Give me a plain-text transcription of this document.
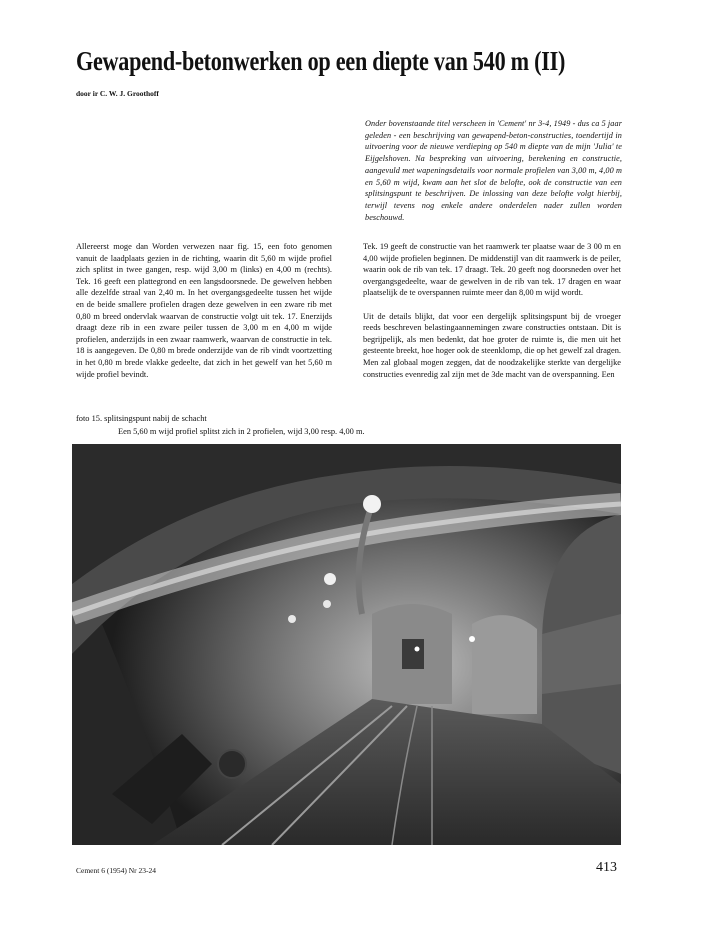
Gewapend-betonwerken op een diepte van 540 m (II)
door ir C. W. J. Groothoff
Onder bovenstaande titel verscheen in 'Cement' nr 3-4, 1949 - dus ca 5 jaar geleden - een beschrijving van gewapend-beton-constructies, toendertijd in uitvoering voor de nieuwe verdieping op 540 m diepte van de mijn 'Julia' te Eijgelshoven. Na bespreking van uitvoering, berekening en constructie, aangevuld met wapeningsdetails voor normale profielen van 3,00 m, 4,00 m en 5,60 m wijd, kwam aan het slot de belofte, ook de constructie van een splitsingspunt te beschrijven. De inlossing van deze belofte volgt hierbij, terwijl tevens nog enkele andere onderdelen nader zullen worden beschouwd.

Allereerst moge dan Worden verwezen naar fig. 15, een foto genomen vanuit de laadplaats gezien in de richting, waarin dit 5,60 m wijde profiel zich splitst in twee gangen, resp. wijd 3,00 m (links) en 4,00 m (rechts). Tek. 16 geeft een plattegrond en een langsdoorsnede. De gewelven hebben alle dezelfde straal van 2,40 m. In het overgangsgedeelte tussen het wijde en de beide smallere profielen dragen deze gewelven in een zware rib met 0,80 m breed ondervlak waarvan de constructie volgt uit tek. 17. Enerzijds draagt deze rib in een zware peiler tussen de 3,00 m en 4,00 m wijde profielen, anderzijds in een zwaar raamwerk, waarvan de constructie in tek. 18 is aangegeven. De 0,80 m brede onderzijde van de rib vindt voortzetting in het 0,80 m brede vlakke gedeelte, dat zich in het gewelf van het 5,60 m wijde profiel bevindt.

Tek. 19 geeft de constructie van het raamwerk ter plaatse waar de 3 00 m en 4,00 wijde profielen beginnen. De middenstijl van dit raamwerk is de peiler, waarin ook de rib van tek. 17 draagt. Tek. 20 geeft nog doorsneden over het overgangsgedeelte, waar de gewelven in de rib van tek. 17 dragen en waar plaatselijk de te overspannen ruimte meer dan 8,00 m wijd wordt.

Uit de details blijkt, dat voor een dergelijk splitsingspunt bij de vroeger reeds beschreven belastingaannemingen zware constructies ontstaan. Dit is begrijpelijk, als men bedenkt, dat hoe groter de ruimte is, die men uit het gesteente breekt, hoe hoger ook de steenklomp, die op het gewelf zal dragen. Men zal globaal mogen zeggen, dat de noodzakelijke sterkte van dergelijke constructies evenredig zal zijn met de 3de macht van de overspanning. Een

foto 15. splitsingspunt nabij de schacht
Een 5,60 m wijd profiel splitst zich in 2 profielen, wijd 3,00 resp. 4,00 m.
Cement 6 (1954) Nr 23-24	413
